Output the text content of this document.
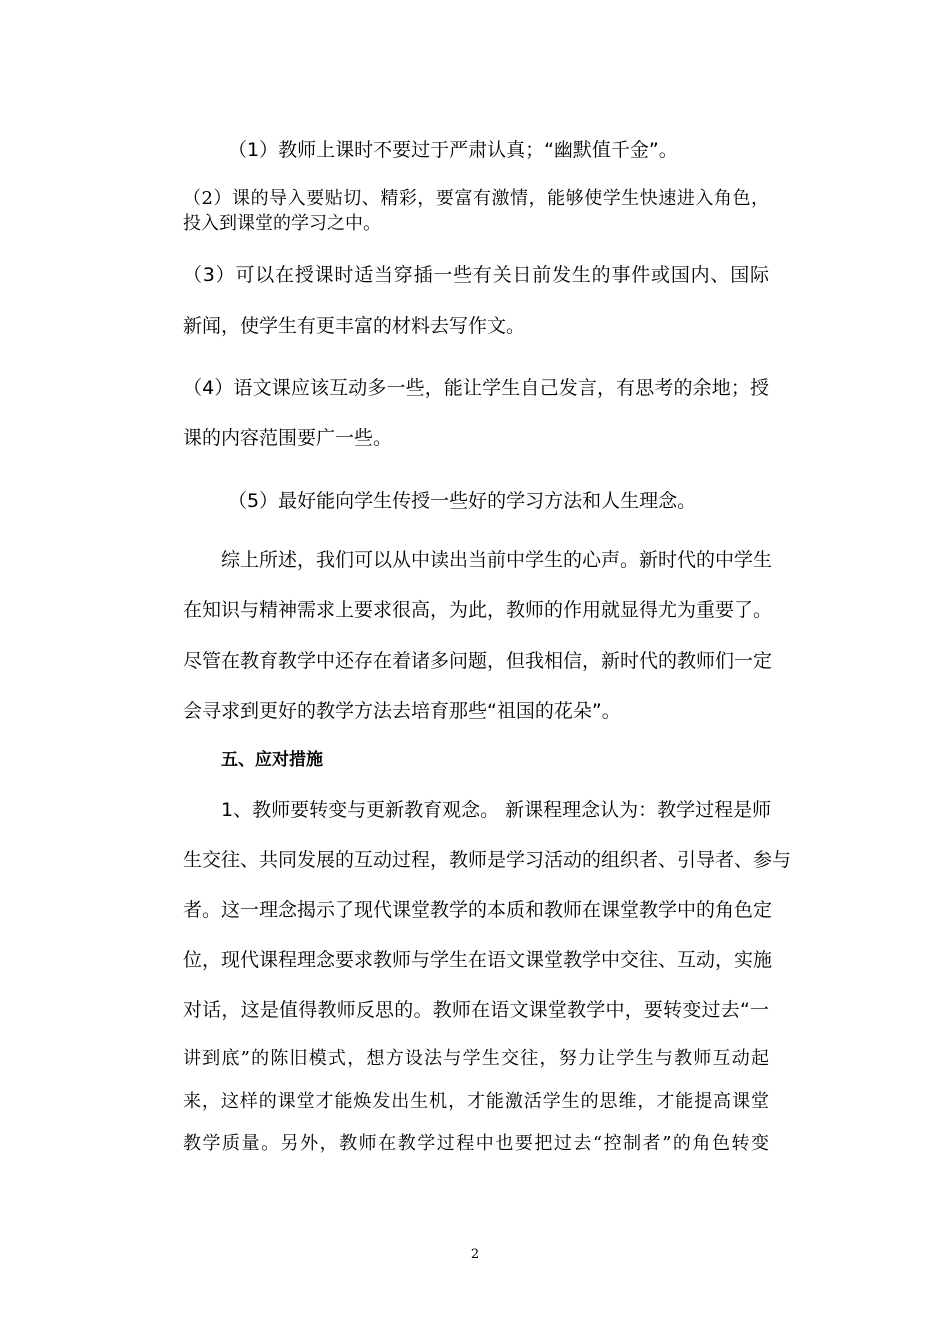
（1）教师上课时不要过于严肃认真；“幽默值千金”。
（2）课的导入要贴切、精彩，要富有激情，能够使学生快速进入角色，
投入到课堂的学习之中。
（3）可以在授课时适当穿插一些有关日前发生的事件或国内、国际
新闻，使学生有更丰富的材料去写作文。
（4）语文课应该互动多一些，能让学生自己发言，有思考的余地；授
课的内容范围要广一些。
（5）最好能向学生传授一些好的学习方法和人生理念。
综上所述，我们可以从中读出当前中学生的心声。新时代的中学生
在知识与精神需求上要求很高，为此，教师的作用就显得尤为重要了。
尽管在教育教学中还存在着诸多问题，但我相信，新时代的教师们一定
会寻求到更好的教学方法去培育那些“祖国的花朵”。
五、应对措施
1、教师要转变与更新教育观念。 新课程理念认为：教学过程是师
生交往、共同发展的互动过程，教师是学习活动的组织者、引导者、参与
者。这一理念揭示了现代课堂教学的本质和教师在课堂教学中的角色定
位，现代课程理念要求教师与学生在语文课堂教学中交往、互动，实施
对话，这是值得教师反思的。教师在语文课堂教学中，要转变过去“一
讲到底”的陈旧模式，想方设法与学生交往，努力让学生与教师互动起
来，这样的课堂才能焕发出生机，才能激活学生的思维，才能提高课堂
教学质量。另外，教师在教学过程中也要把过去“控制者”的角色转变
2
